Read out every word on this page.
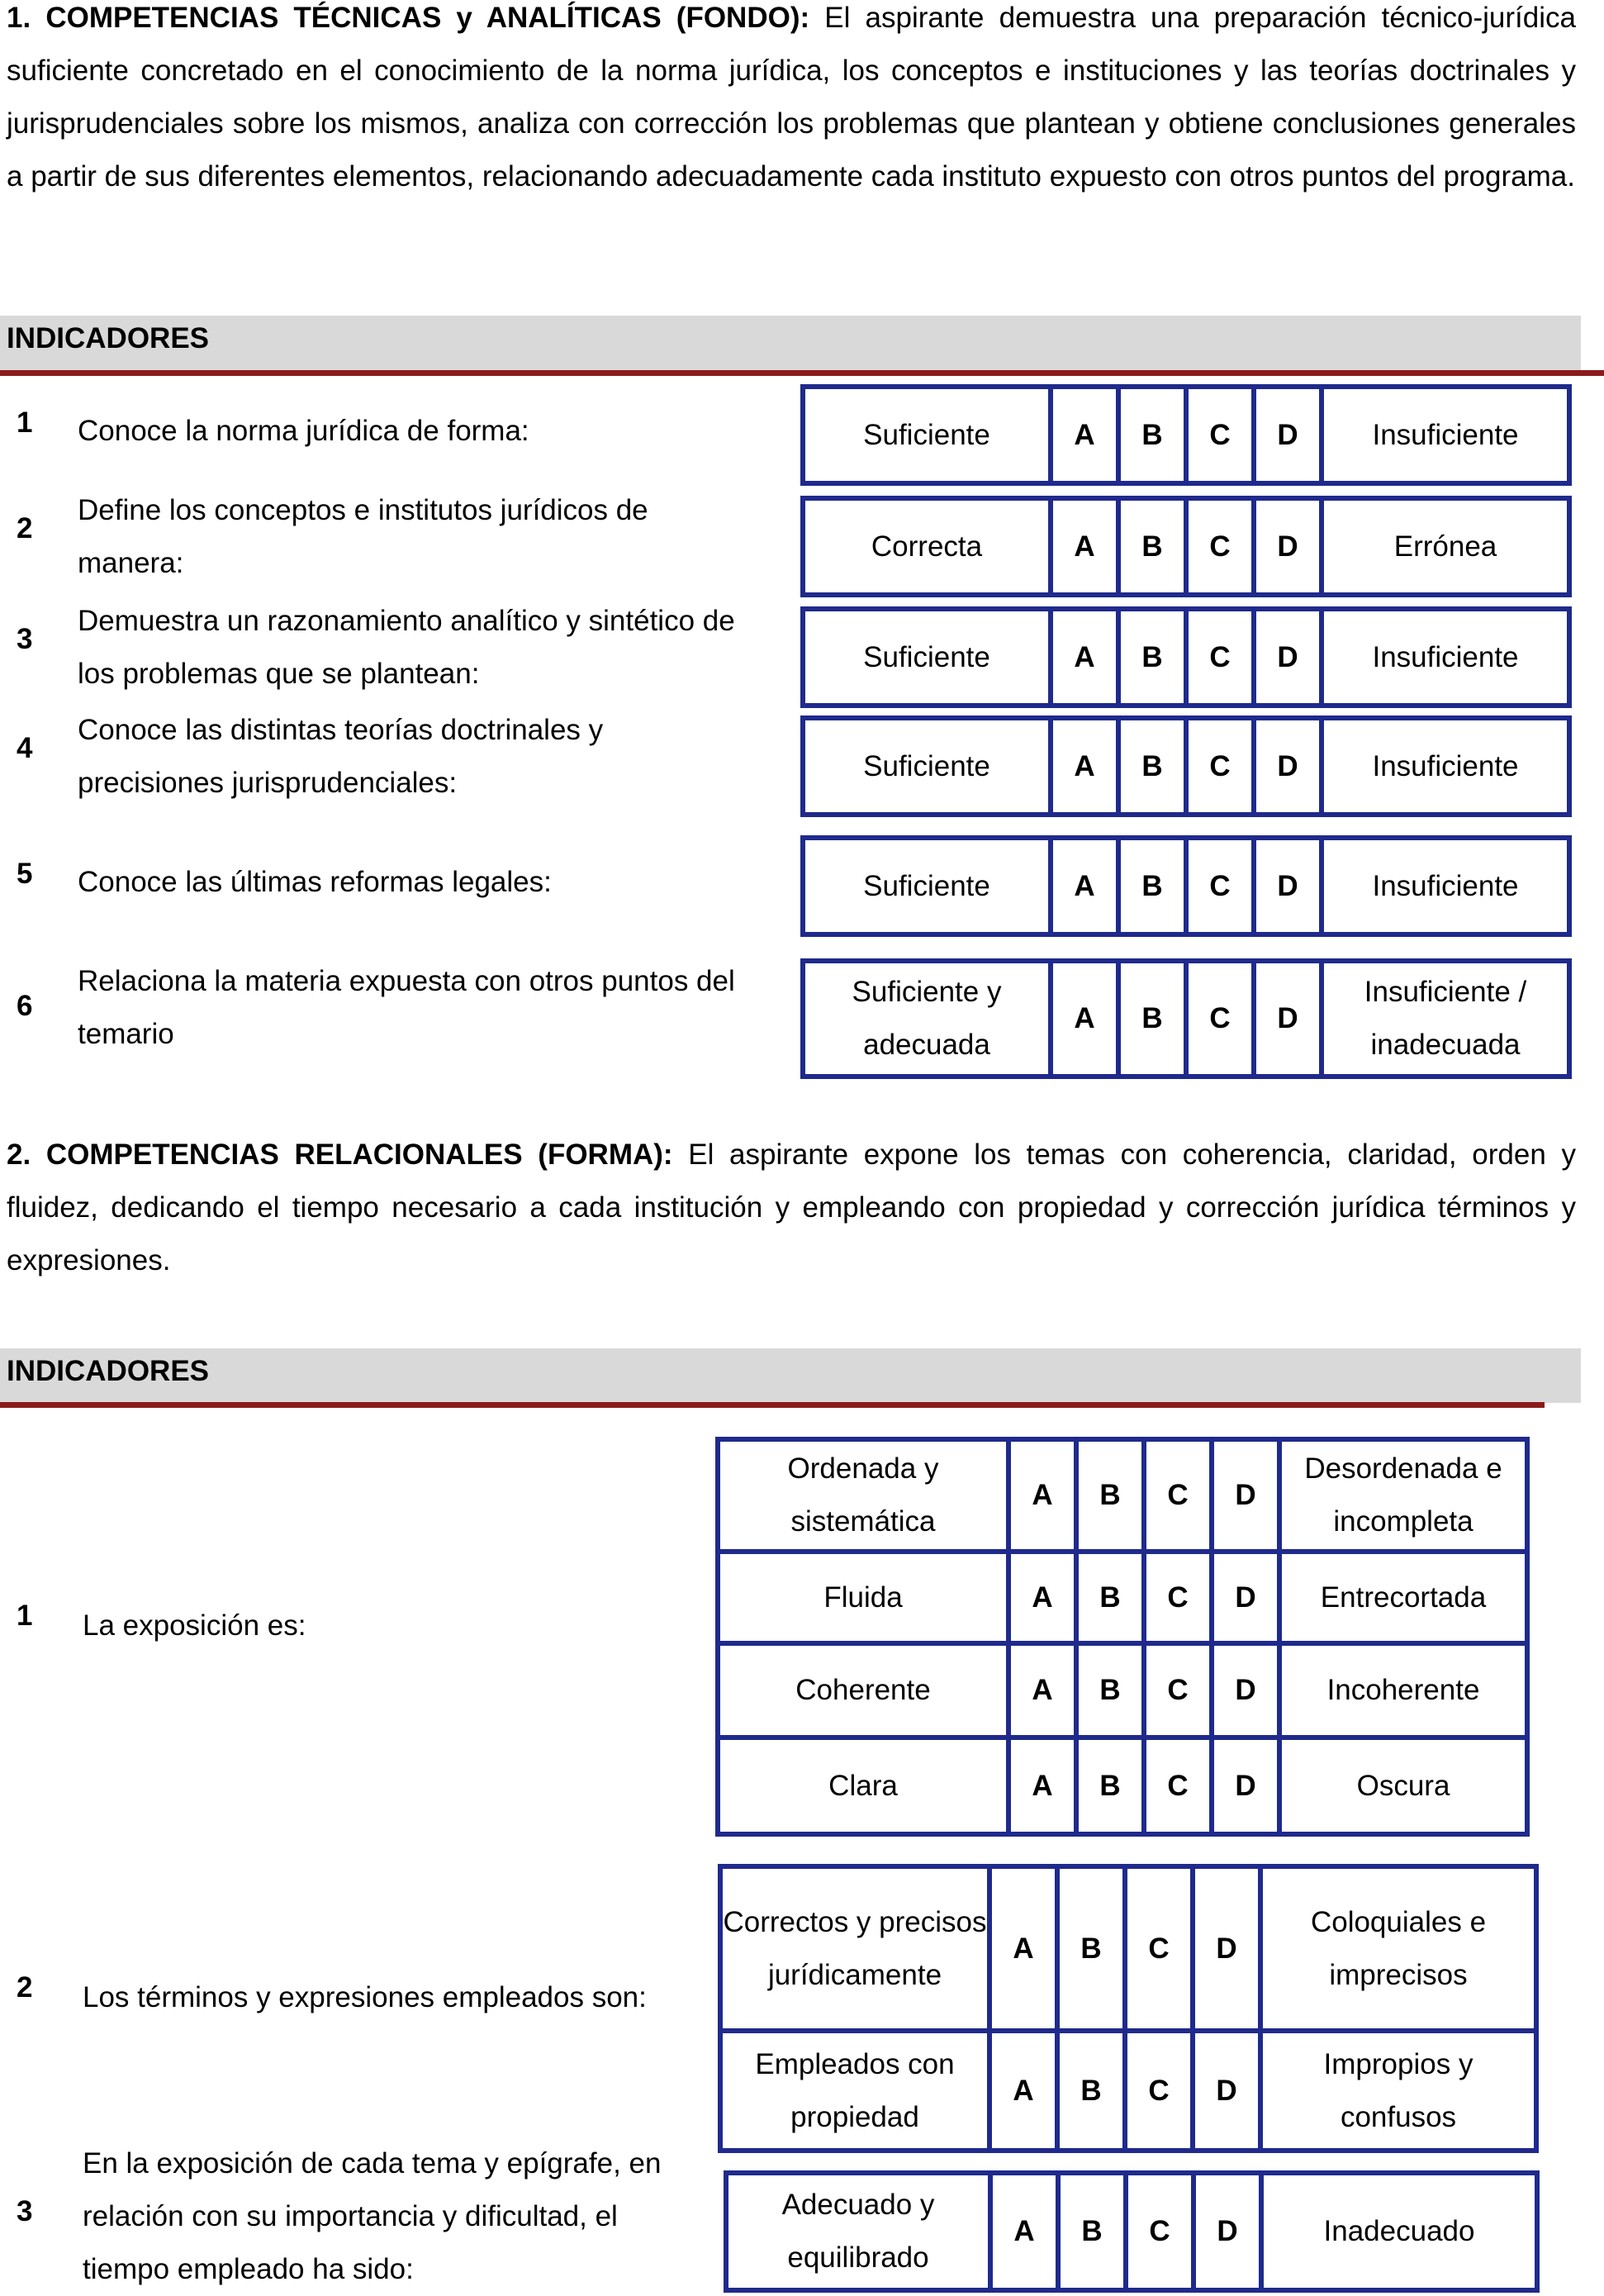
1. COMPETENCIAS TÉCNICAS y ANALÍTICAS (FONDO): El aspirante demuestra una preparación técnico-jurídica suficiente concretado en el conocimiento de la norma jurídica, los conceptos e instituciones y las teorías doctrinales y jurisprudenciales sobre los mismos, analiza con corrección los problemas que plantean y obtiene conclusiones generales a partir de sus diferentes elementos, relacionando adecuadamente cada instituto expuesto con otros puntos del programa.

INDICADORES
1	Conoce la norma jurídica de forma:	Suficiente	A	B	C	D	Insuficiente
2
Define los conceptos e institutos jurídicos de manera:
Correcta	A	B	C	D	Errónea
3
Demuestra un razonamiento analítico y sintético de los problemas que se plantean:
Suficiente	A	B	C	D	Insuficiente
4
Conoce las distintas teorías doctrinales y precisiones jurisprudenciales:
Suficiente	A	B	C	D	Insuficiente
5	Conoce las últimas reformas legales:	Suficiente	A	B	C	D	Insuficiente
6
Relaciona la materia expuesta con otros puntos del temario
Suficiente y adecuada	A	B	C	D	Insuficiente / inadecuada

2. COMPETENCIAS RELACIONALES (FORMA): El aspirante expone los temas con coherencia, claridad, orden y fluidez, dedicando el tiempo necesario a cada institución y empleando con propiedad y corrección jurídica términos y expresiones.

INDICADORES
1	La exposición es:
Ordenada y sistemática	A	B	C	D	Desordenada e incompleta
Fluida	A	B	C	D	Entrecortada
Coherente	A	B	C	D	Incoherente
Clara	A	B	C	D	Oscura
2	Los términos y expresiones empleados son:
Correctos y precisos jurídicamente	A	B	C	D	Coloquiales e imprecisos
Empleados con propiedad	A	B	C	D	Impropios y confusos
3
En la exposición de cada tema y epígrafe, en relación con su importancia y dificultad, el tiempo empleado ha sido:
Adecuado y equilibrado	A	B	C	D	Inadecuado
